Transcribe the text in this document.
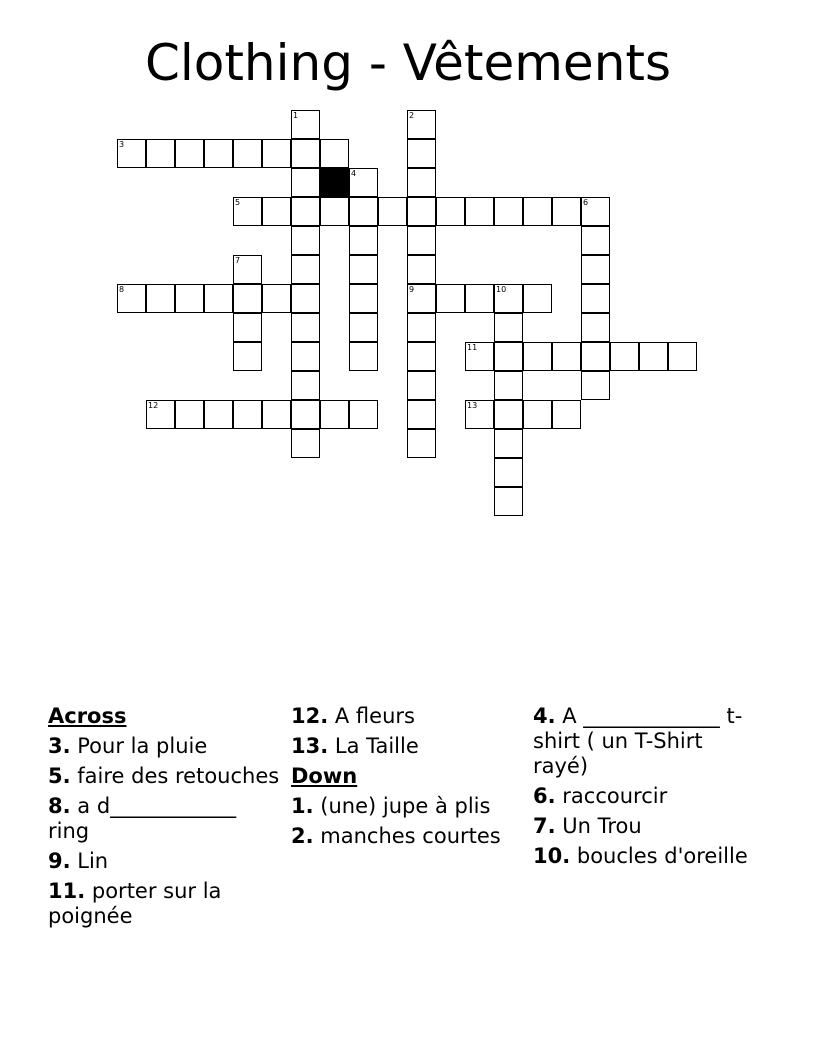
Clothing - Vêtements
1	2
3
4
5	6
7
8	9	10
11
12	13
Across
3. Pour la pluie
5. faire des retouches
8. a d____________ ring
9. Lin
11. porter sur la poignée
12. A fleurs
13. La Taille
Down
1. (une) jupe à plis
2. manches courtes
4. A _____________ t-shirt ( un T-Shirt rayé)
6. raccourcir
7. Un Trou
10. boucles d'oreille
